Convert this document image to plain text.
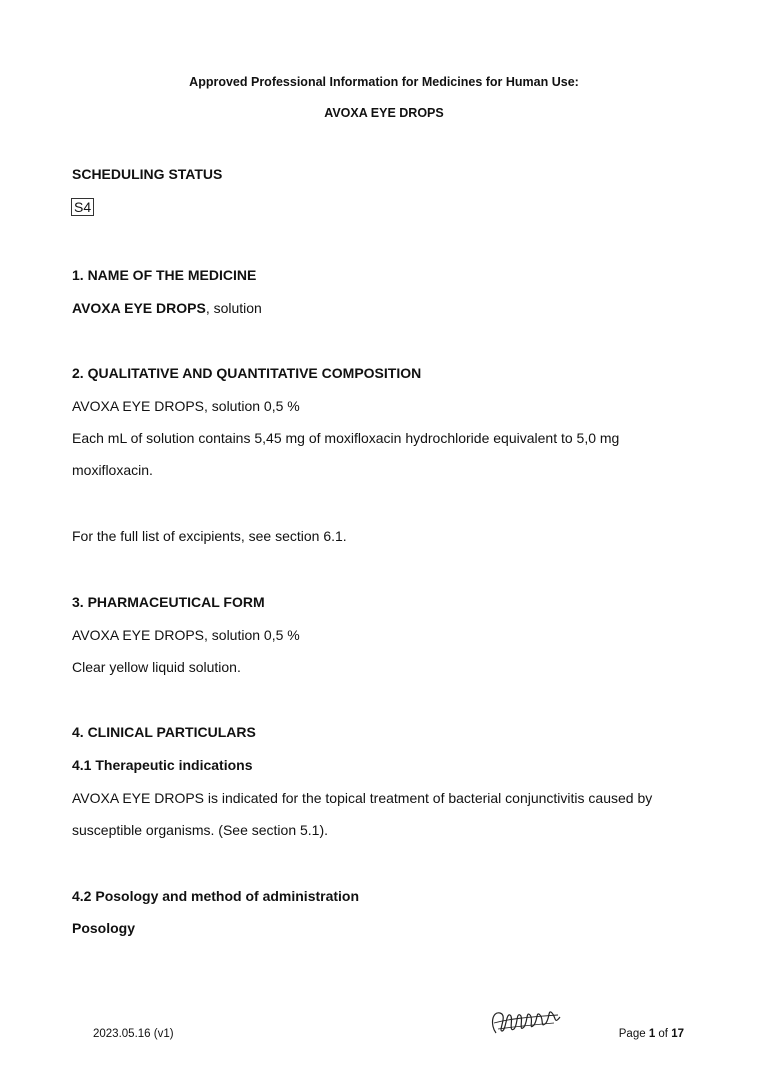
Approved Professional Information for Medicines for Human Use:
AVOXA EYE DROPS
SCHEDULING STATUS
S4
1. NAME OF THE MEDICINE
AVOXA EYE DROPS, solution
2. QUALITATIVE AND QUANTITATIVE COMPOSITION
AVOXA EYE DROPS, solution 0,5 %
Each mL of solution contains 5,45 mg of moxifloxacin hydrochloride equivalent to 5,0 mg
moxifloxacin.
For the full list of excipients, see section 6.1.
3. PHARMACEUTICAL FORM
AVOXA EYE DROPS, solution 0,5 %
Clear yellow liquid solution.
4. CLINICAL PARTICULARS
4.1 Therapeutic indications
AVOXA EYE DROPS is indicated for the topical treatment of bacterial conjunctivitis caused by
susceptible organisms. (See section 5.1).
4.2 Posology and method of administration
Posology
2023.05.16 (v1)	Page 1 of 17
